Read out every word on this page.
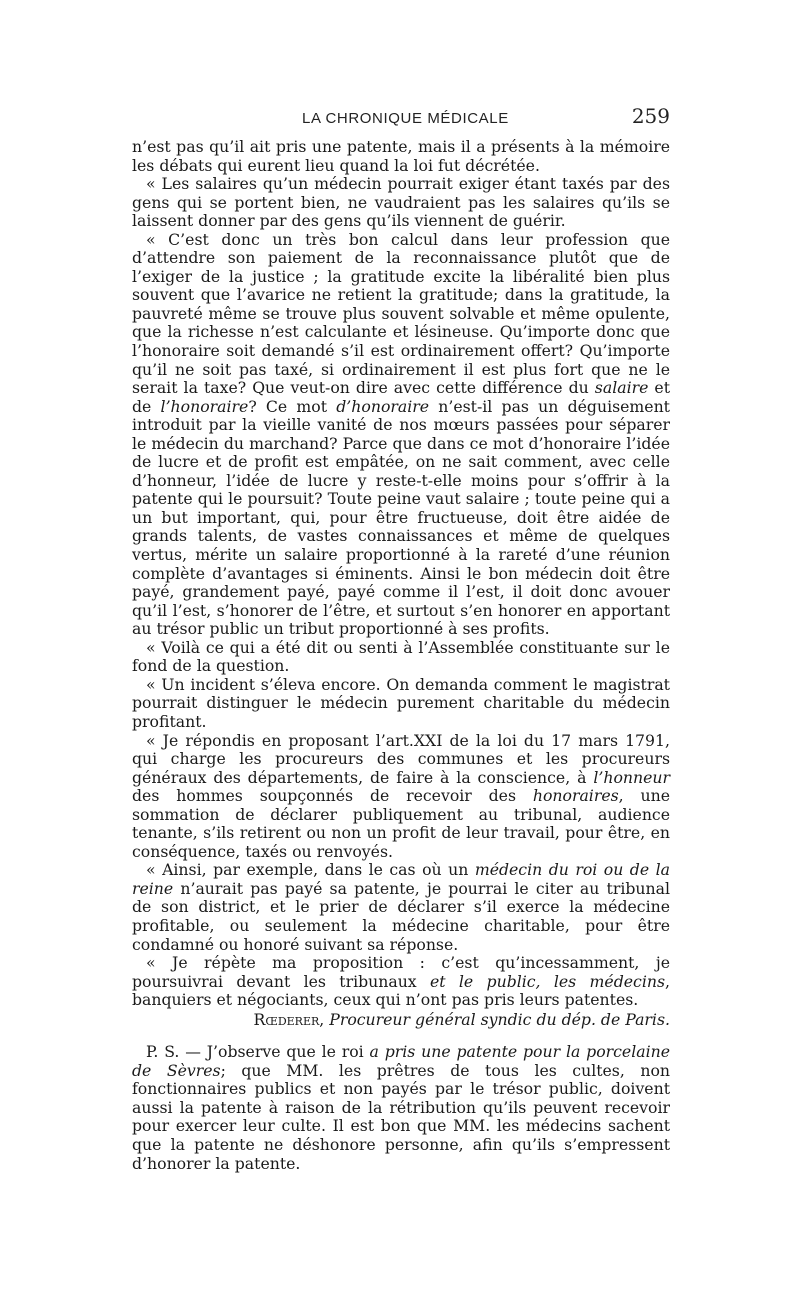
LA CHRONIQUE MÉDICALE	259

n’est pas qu’il ait pris une patente, mais il a présents à la mémoire les débats qui eurent lieu quand la loi fut décrétée.

« Les salaires qu’un médecin pourrait exiger étant taxés par des gens qui se portent bien, ne vaudraient pas les salaires qu’ils se laissent donner par des gens qu’ils viennent de guérir.

« C’est donc un très bon calcul dans leur profession que d’attendre son paiement de la reconnaissance plutôt que de l’exiger de la justice ; la gratitude excite la libéralité bien plus souvent que l’avarice ne retient la gratitude; dans la gratitude, la pauvreté même se trouve plus souvent solvable et même opulente, que la richesse n’est calculante et lésineuse. Qu’importe donc que l’honoraire soit demandé s’il est ordinairement offert? Qu’importe qu’il ne soit pas taxé, si ordinairement il est plus fort que ne le serait la taxe? Que veut-on dire avec cette différence du salaire et de l’honoraire? Ce mot d’honoraire n’est-il pas un déguisement introduit par la vieille vanité de nos mœurs passées pour séparer le médecin du marchand? Parce que dans ce mot d’honoraire l’idée de lucre et de profit est empâtée, on ne sait comment, avec celle d’honneur, l’idée de lucre y reste-t-elle moins pour s’offrir à la patente qui le poursuit? Toute peine vaut salaire ; toute peine qui a un but important, qui, pour être fructueuse, doit être aidée de grands talents, de vastes connaissances et même de quelques vertus, mérite un salaire proportionné à la rareté d’une réunion complète d’avantages si éminents. Ainsi le bon médecin doit être payé, grandement payé, payé comme il l’est, il doit donc avouer qu’il l’est, s’honorer de l’être, et surtout s’en honorer en apportant au trésor public un tribut proportionné à ses profits.

« Voilà ce qui a été dit ou senti à l’Assemblée constituante sur le fond de la question.

« Un incident s’éleva encore. On demanda comment le magistrat pourrait distinguer le médecin purement charitable du médecin profitant.

« Je répondis en proposant l’art.XXI de la loi du 17 mars 1791, qui charge les procureurs des communes et les procureurs généraux des départements, de faire à la conscience, à l’honneur des hommes soupçonnés de recevoir des honoraires, une sommation de déclarer publiquement au tribunal, audience tenante, s’ils retirent ou non un profit de leur travail, pour être, en conséquence, taxés ou renvoyés.

« Ainsi, par exemple, dans le cas où un médecin du roi ou de la reine n’aurait pas payé sa patente, je pourrai le citer au tribunal de son district, et le prier de déclarer s’il exerce la médecine profitable, ou seulement la médecine charitable, pour être condamné ou honoré suivant sa réponse.

« Je répète ma proposition : c’est qu’incessamment, je poursuivrai devant les tribunaux et le public, les médecins, banquiers et négociants, ceux qui n’ont pas pris leurs patentes.

Rœderer, Procureur général syndic du dép. de Paris.

P. S. — J’observe que le roi a pris une patente pour la porcelaine de Sèvres; que MM. les prêtres de tous les cultes, non fonctionnaires publics et non payés par le trésor public, doivent aussi la patente à raison de la rétribution qu’ils peuvent recevoir pour exercer leur culte. Il est bon que MM. les médecins sachent que la patente ne déshonore personne, afin qu’ils s’empressent d’honorer la patente.
